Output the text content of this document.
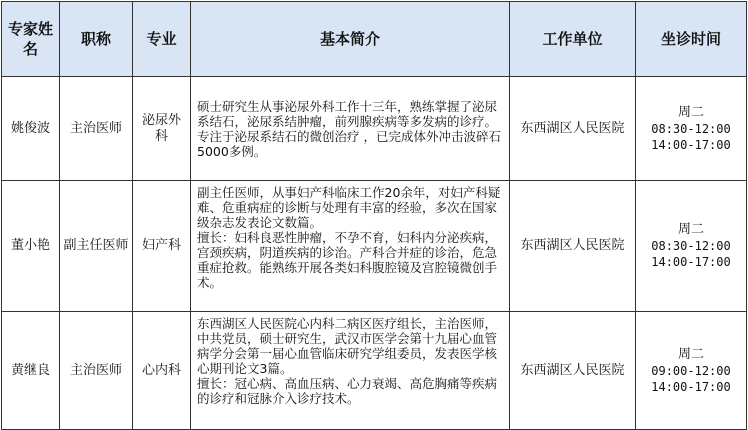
专家姓名	职称	专业	基本简介	工作单位	坐诊时间
姚俊波	主治医师	泌尿外科	硕士研究生从事泌尿外科工作十三年，熟练掌握了泌尿系结石，泌尿系结肿瘤，前列腺疾病等多发病的诊疗。专注于泌尿系结石的微创治疗 ，已完成体外冲击波碎石5000多例。	东西湖区人民医院	周二
08:30-12:00
14:00-17:00

董小艳	副主任医师	妇产科	副主任医师，从事妇产科临床工作20余年，对妇产科疑难、危重病症的诊断与处理有丰富的经验，多次在国家级杂志发表论文数篇。
擅长：妇科良恶性肿瘤，不孕不育，妇科内分泌疾病，宫颈疾病，阴道疾病的诊治。产科合并症的诊治，危急重症抢救。能熟练开展各类妇科腹腔镜及宫腔镜微创手术。	东西湖区人民医院	周二
08:30-12:00
14:00-17:00

黄继良	主治医师	心内科	东西湖区人民医院心内科二病区医疗组长，主治医师，中共党员，硕士研究生，武汉市医学会第十九届心血管病学分会第一届心血管临床研究学组委员，发表医学核心期刊论文3篇。
擅长：冠心病、高血压病、心力衰竭、高危胸痛等疾病的诊疗和冠脉介入诊疗技术。	东西湖区人民医院	周二
09:00-12:00
14:00-17:00
